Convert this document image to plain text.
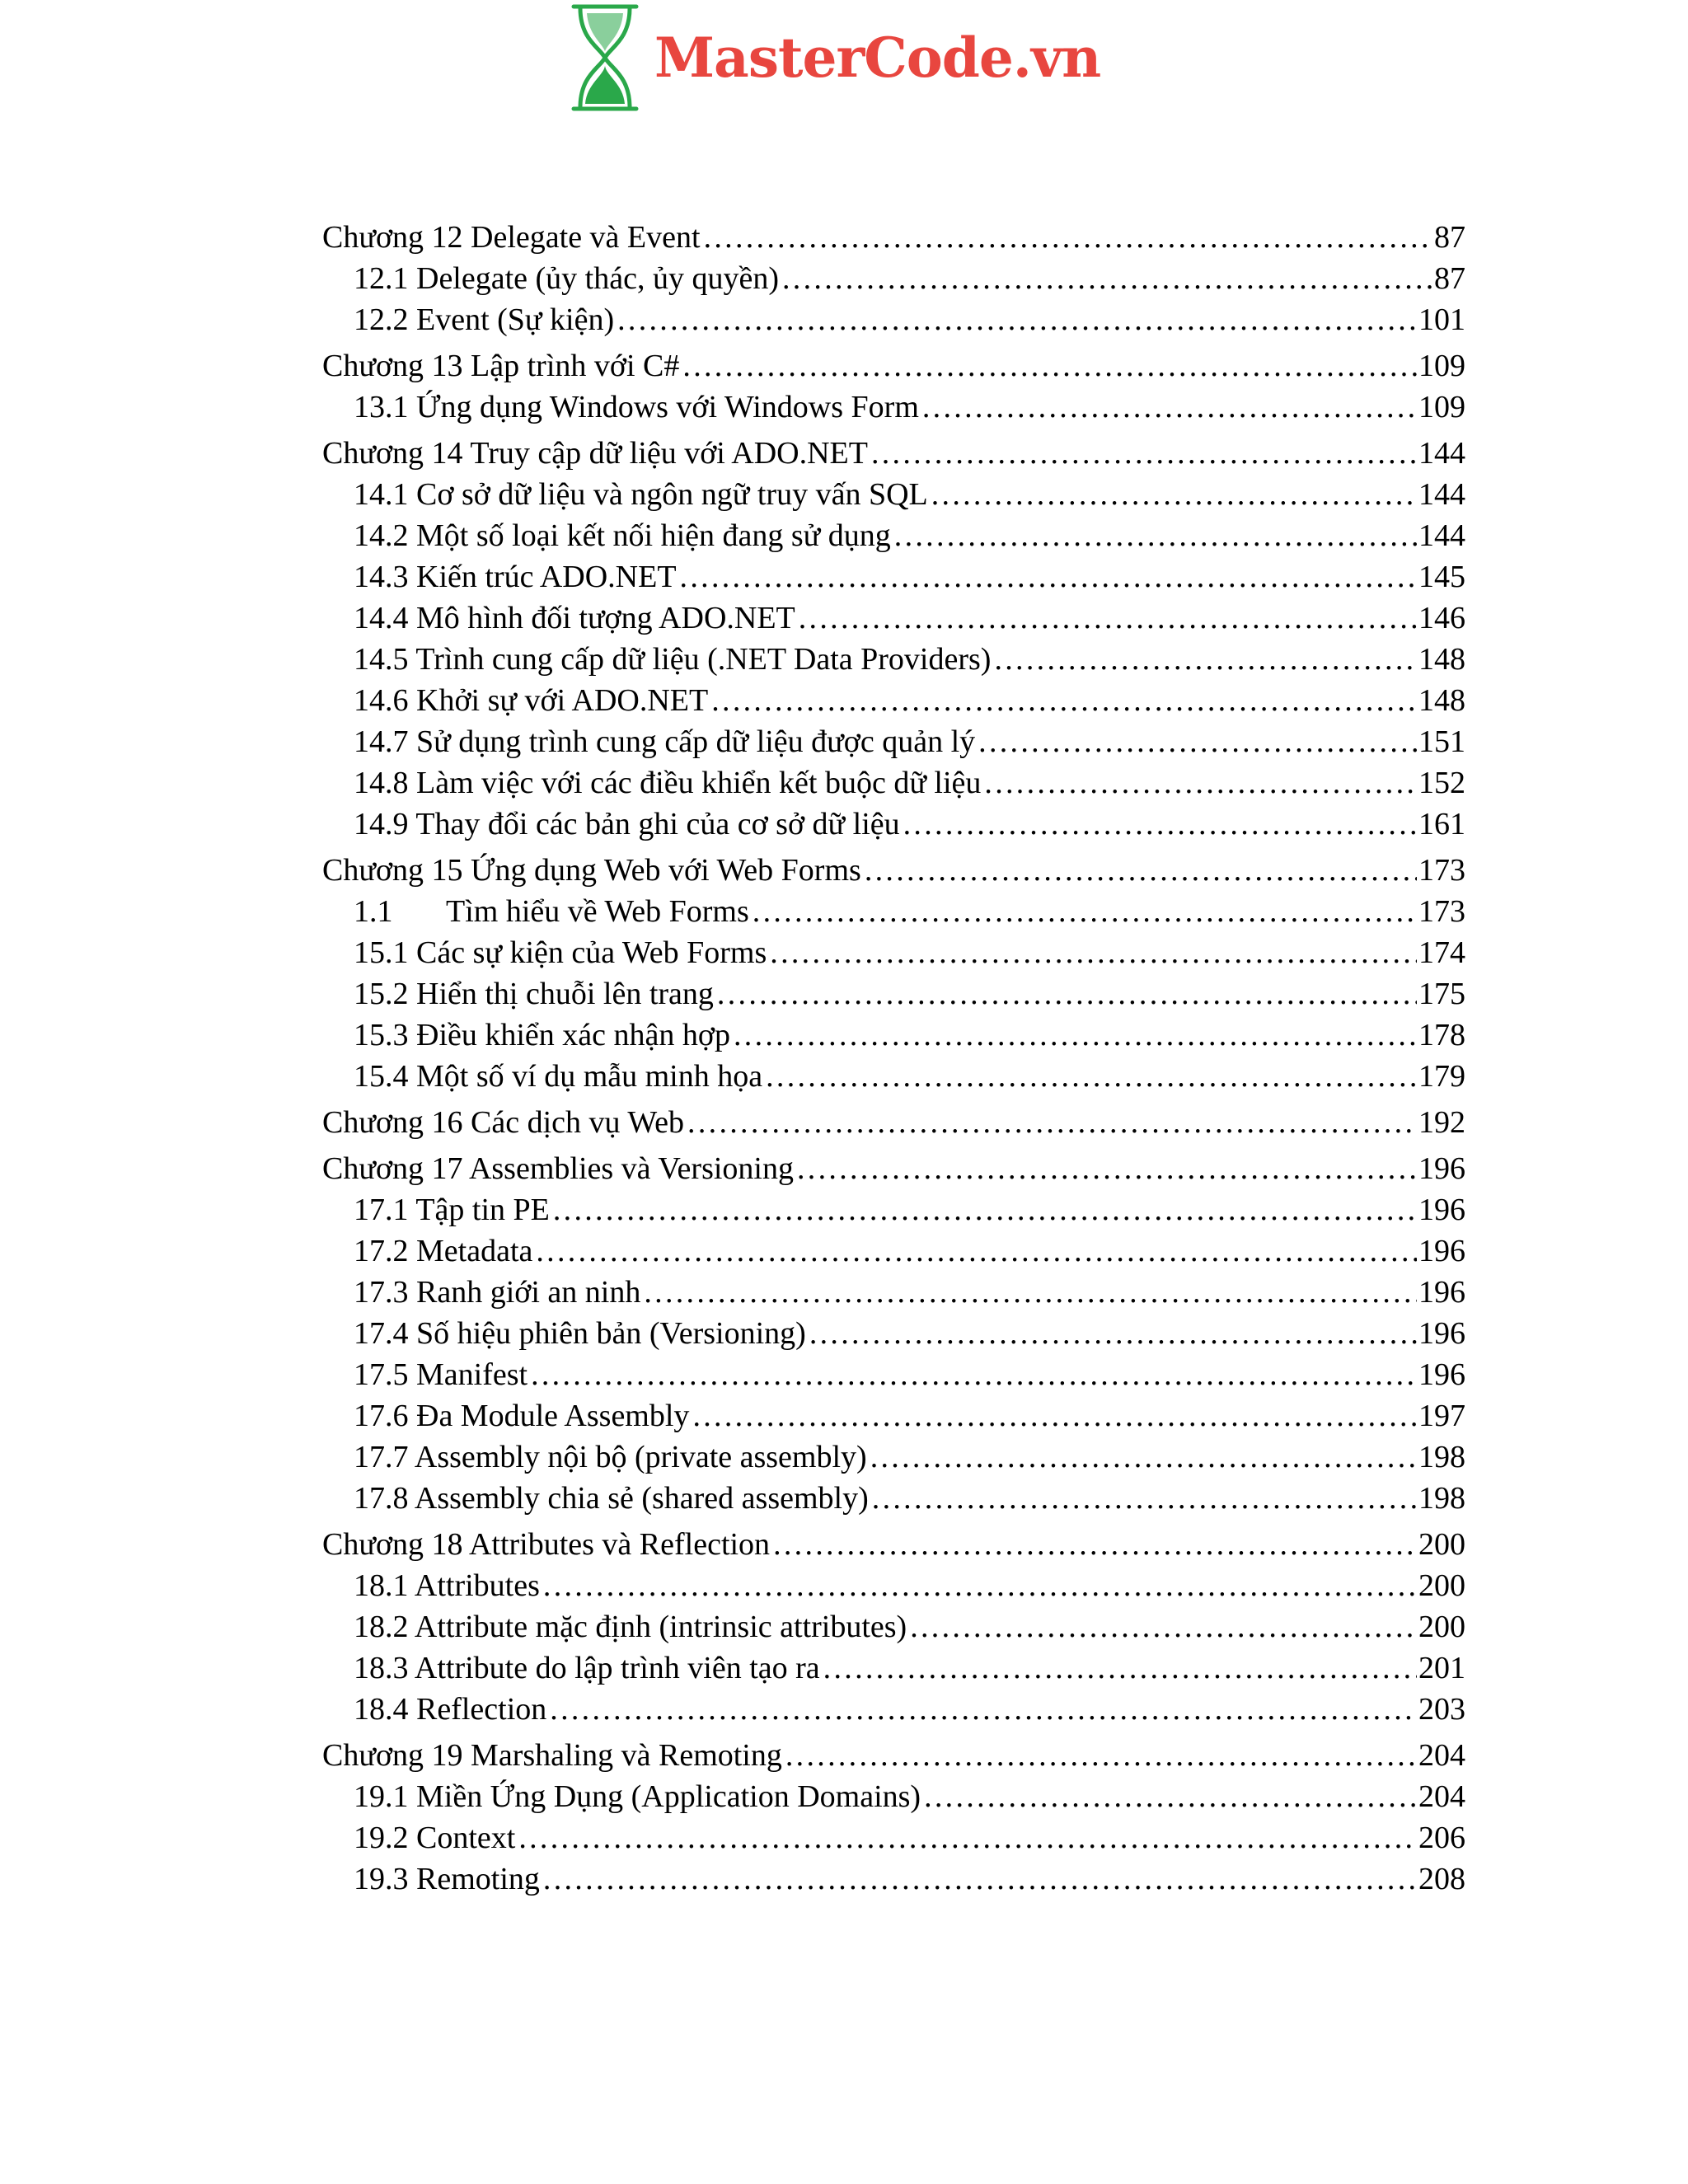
MasterCode.vn
Chương 12 Delegate và Event .....	87
12.1 Delegate (ủy thác, ủy quyền) .....	87
12.2 Event (Sự kiện) .....	101
Chương 13 Lập trình với C# .....	109
13.1 Ứng dụng Windows với Windows Form .....	109
Chương 14 Truy cập dữ liệu với ADO.NET .....	144
14.1 Cơ sở dữ liệu và ngôn ngữ truy vấn SQL .....	144
14.2 Một số loại kết nối hiện đang sử dụng .....	144
14.3 Kiến trúc ADO.NET .....	145
14.4 Mô hình đối tượng ADO.NET .....	146
14.5 Trình cung cấp dữ liệu (.NET Data Providers) .....	148
14.6 Khởi sự với ADO.NET .....	148
14.7 Sử dụng trình cung cấp dữ liệu được quản lý .....	151
14.8 Làm việc với các điều khiển kết buộc dữ liệu .....	152
14.9 Thay đổi các bản ghi của cơ sở dữ liệu .....	161
Chương 15 Ứng dụng Web với Web Forms .....	173
1.1 Tìm hiểu về Web Forms .....	173
15.1 Các sự kiện của Web Forms .....	174
15.2 Hiển thị chuỗi lên trang .....	175
15.3 Điều khiển xác nhận hợp .....	178
15.4 Một số ví dụ mẫu minh họa .....	179
Chương 16 Các dịch vụ Web .....	192
Chương 17 Assemblies và Versioning .....	196
17.1 Tập tin PE .....	196
17.2 Metadata .....	196
17.3 Ranh giới an ninh .....	196
17.4 Số hiệu phiên bản (Versioning) .....	196
17.5 Manifest .....	196
17.6 Đa Module Assembly .....	197
17.7 Assembly nội bộ (private assembly) .....	198
17.8 Assembly chia sẻ (shared assembly) .....	198
Chương 18 Attributes và Reflection .....	200
18.1 Attributes .....	200
18.2 Attribute mặc định (intrinsic attributes) .....	200
18.3 Attribute do lập trình viên tạo ra .....	201
18.4 Reflection .....	203
Chương 19 Marshaling và Remoting .....	204
19.1 Miền Ứng Dụng (Application Domains) .....	204
19.2 Context .....	206
19.3 Remoting .....	208
